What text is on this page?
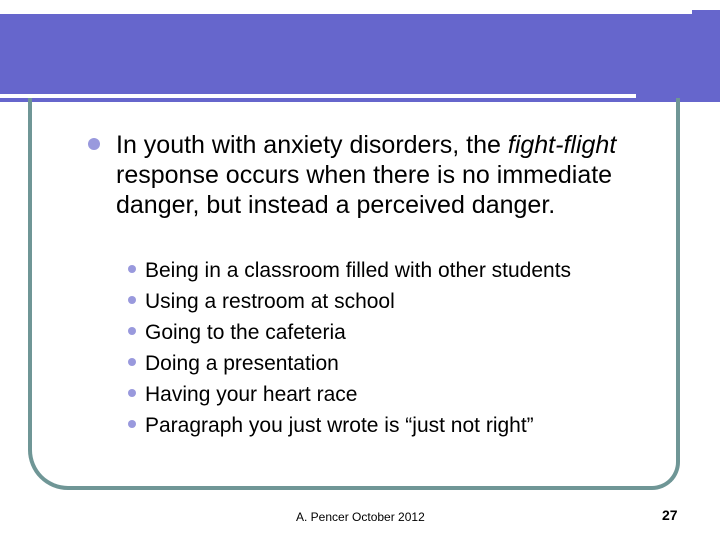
In youth with anxiety disorders, the fight-flight response occurs when there is no immediate danger, but instead a perceived danger.
Being in a classroom filled with other students
Using a restroom at school
Going to the cafeteria
Doing a presentation
Having your heart race
Paragraph you just wrote is “just not right”
A. Pencer October 2012	27
